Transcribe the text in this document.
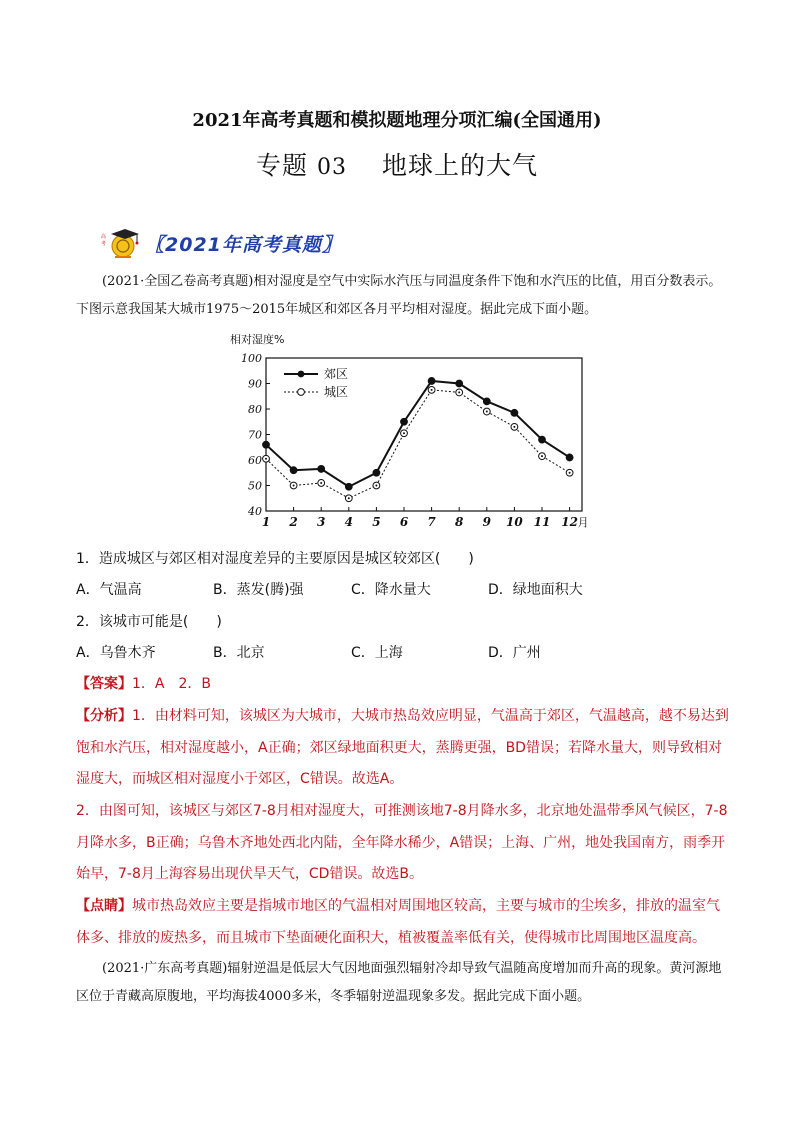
2021年高考真题和模拟题地理分项汇编(全国通用)
专题 03　 地球上的大气
高
考 〖2021年高考真题〗
(2021·全国乙卷高考真题)相对湿度是空气中实际水汽压与同温度条件下饱和水汽压的比值，用百分数表示。下图示意我国某大城市1975～2015年城区和郊区各月平均相对湿度。据此完成下面小题。
相对湿度%
40
50
60
70
80
90
100
1 2 3 4 5 6 7 8 9 10 11 12 月
郊区
城区
1．造成城区与郊区相对湿度差异的主要原因是城区较郊区(　　)
A．气温高	B．蒸发(腾)强	C．降水量大	D．绿地面积大
2．该城市可能是(　　)
A．乌鲁木齐	B．北京	C．上海	D．广州
【答案】1．A　2．B
【分析】1．由材料可知，该城区为大城市，大城市热岛效应明显，气温高于郊区，气温越高，越不易达到饱和水汽压，相对湿度越小，A正确；郊区绿地面积更大，蒸腾更强，BD错误；若降水量大，则导致相对湿度大，而城区相对湿度小于郊区，C错误。故选A。
2．由图可知，该城区与郊区7-8月相对湿度大，可推测该地7-8月降水多，北京地处温带季风气候区，7-8月降水多，B正确；乌鲁木齐地处西北内陆，全年降水稀少，A错误；上海、广州，地处我国南方，雨季开始早，7-8月上海容易出现伏旱天气，CD错误。故选B。
【点睛】城市热岛效应主要是指城市地区的气温相对周围地区较高，主要与城市的尘埃多，排放的温室气体多、排放的废热多，而且城市下垫面硬化面积大，植被覆盖率低有关，使得城市比周围地区温度高。
(2021·广东高考真题)辐射逆温是低层大气因地面强烈辐射冷却导致气温随高度增加而升高的现象。黄河源地区位于青藏高原腹地，平均海拔4000多米，冬季辐射逆温现象多发。据此完成下面小题。
